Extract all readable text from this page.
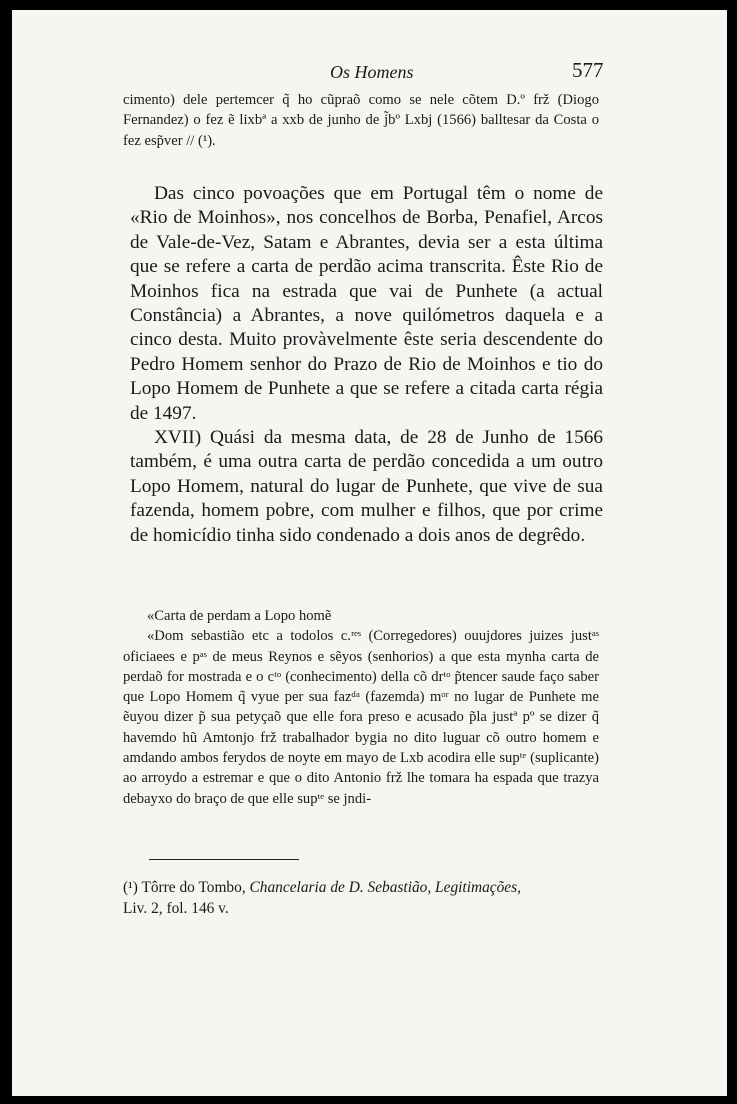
Os Homens	577

cimento) dele pertemcer q̃ ho cũpraõ como se nele cõtem D.º frž (Diogo Fernandez) o fez ẽ lixbª a xxb de junho de j̃bº Lxbj (1566) balltesar da Costa o fez esp̃ver // (¹).

Das cinco povoações que em Portugal têm o nome de «Rio de Moinhos», nos concelhos de Borba, Penafiel, Arcos de Vale-de-Vez, Satam e Abrantes, devia ser a esta última que se refere a carta de perdão acima transcrita. Êste Rio de Moinhos fica na estrada que vai de Punhete (a actual Constância) a Abrantes, a nove quilómetros daquela e a cinco desta. Muito provàvelmente êste seria descendente do Pedro Homem senhor do Prazo de Rio de Moinhos e tio do Lopo Homem de Punhete a que se refere a citada carta régia de 1497.

XVII) Quási da mesma data, de 28 de Junho de 1566 também, é uma outra carta de perdão concedida a um outro Lopo Homem, natural do lugar de Punhete, que vive de sua fazenda, homem pobre, com mulher e filhos, que por crime de homicídio tinha sido condenado a dois anos de degrêdo.

«Carta de perdam a Lopo homẽ

«Dom sebastião etc a todolos c.ʳᵉˢ (Corregedores) ouujdores juizes justᵃˢ oficiaees e pᵃˢ de meus Reynos e sẽyos (senhorios) a que esta mynha carta de perdaõ for mostrada e o cᵗᵒ (conhecimento) della cõ drᵗᵒ p̃tencer saude faço saber que Lopo Homem q̃ vyue per sua fazᵈᵃ (fazemda) mᵒʳ no lugar de Punhete me ẽuyou dizer p̃ sua petyçaõ que elle fora preso e acusado p̃la justª pº se dizer q̃ havemdo hũ Amtonjo frž trabalhador bygia no dito luguar cõ outro homem e amdando ambos ferydos de noyte em mayo de Lxb acodira elle supᵗᵉ (suplicante) ao arroydo a estremar e que o dito Antonio frž lhe tomara ha espada que trazya debayxo do braço de que elle supᵗᵉ se jndi-

(¹) Tôrre do Tombo, Chancelaria de D. Sebastião, Legitimações,
Liv. 2, fol. 146 v.
